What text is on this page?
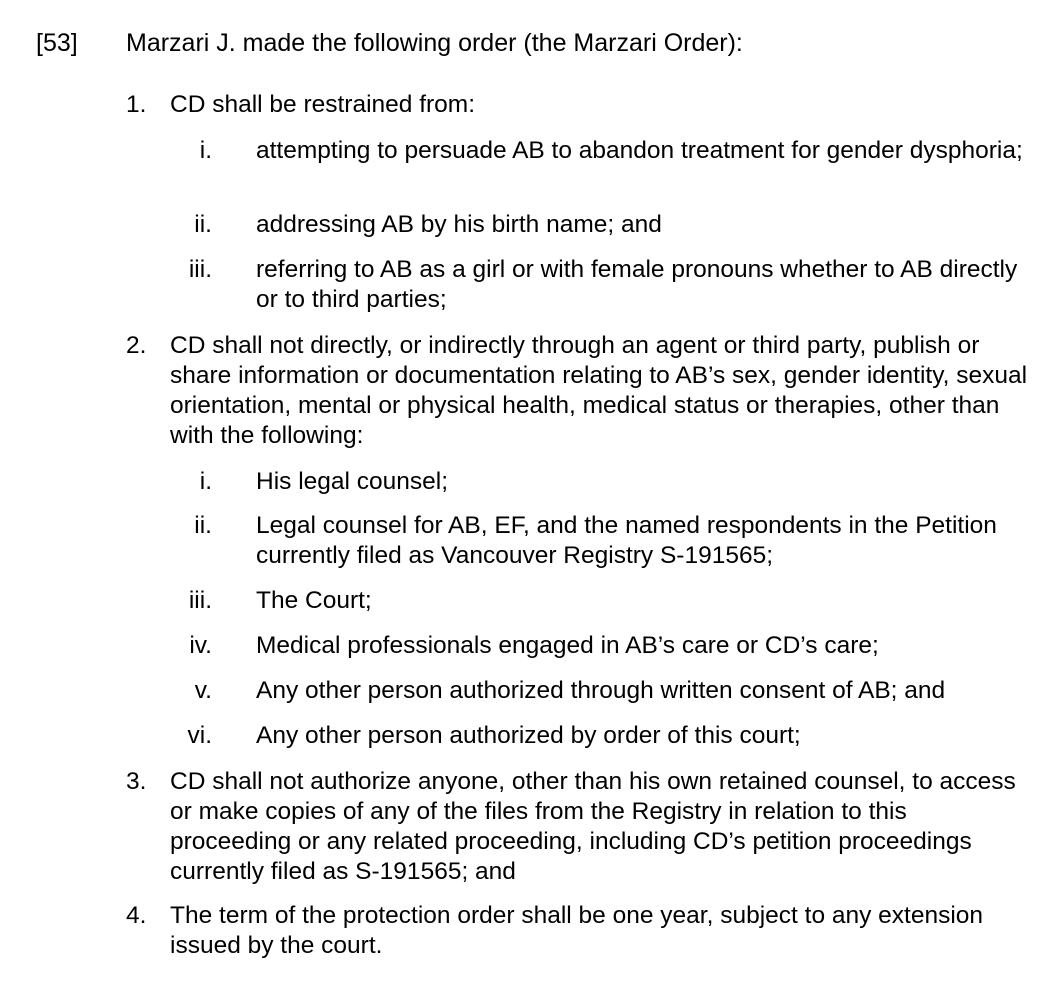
[53] Marzari J. made the following order (the Marzari Order):
1. CD shall be restrained from:
i. attempting to persuade AB to abandon treatment for gender dysphoria;
ii. addressing AB by his birth name; and
iii. referring to AB as a girl or with female pronouns whether to AB directly or to third parties;
2. CD shall not directly, or indirectly through an agent or third party, publish or share information or documentation relating to AB’s sex, gender identity, sexual orientation, mental or physical health, medical status or therapies, other than with the following:
i. His legal counsel;
ii. Legal counsel for AB, EF, and the named respondents in the Petition currently filed as Vancouver Registry S-191565;
iii. The Court;
iv. Medical professionals engaged in AB’s care or CD’s care;
v. Any other person authorized through written consent of AB; and
vi. Any other person authorized by order of this court;
3. CD shall not authorize anyone, other than his own retained counsel, to access or make copies of any of the files from the Registry in relation to this proceeding or any related proceeding, including CD’s petition proceedings currently filed as S-191565; and
4. The term of the protection order shall be one year, subject to any extension issued by the court.
